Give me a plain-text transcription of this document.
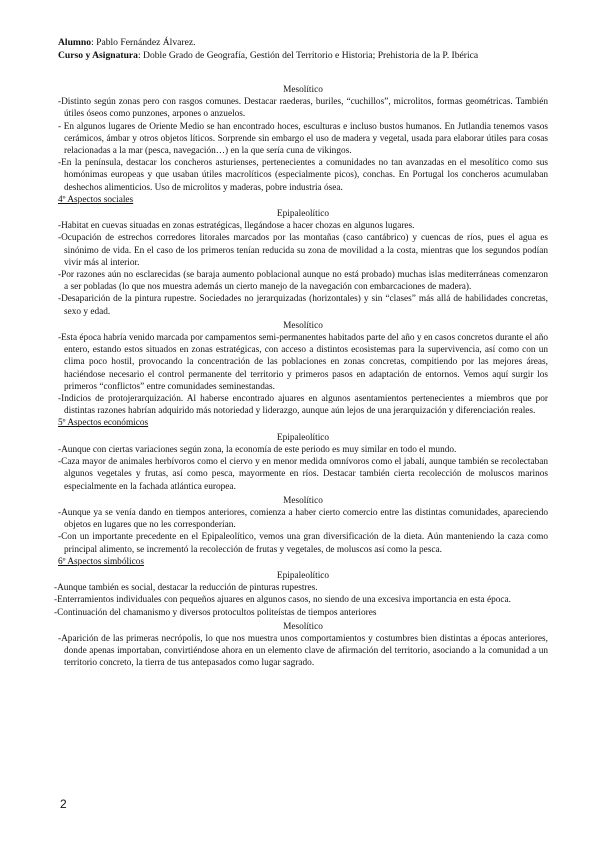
Alumno: Pablo Fernández Álvarez.
Curso y Asignatura: Doble Grado de Geografía, Gestión del Territorio e Historia; Prehistoria de la P. Ibérica
Mesolítico
-Distinto según zonas pero con rasgos comunes. Destacar raederas, buriles, “cuchillos”, microlitos, formas geométricas. También útiles óseos como punzones, arpones o anzuelos.
- En algunos lugares de Oriente Medio se han encontrado hoces, esculturas e incluso bustos humanos. En Jutlandia tenemos vasos cerámicos, ámbar y otros objetos líticos. Sorprende sin embargo el uso de madera y vegetal, usada para elaborar útiles para cosas relacionadas a la mar (pesca, navegación…) en la que sería cuna de vikingos.
-En la península, destacar los concheros asturienses, pertenecientes a comunidades no tan avanzadas en el mesolítico como sus homónimas europeas y que usaban útiles macrolíticos (especialmente picos), conchas. En Portugal los concheros acumulaban deshechos alimenticios. Uso de microlitos y maderas, pobre industria ósea.
4º Aspectos sociales
Epipaleolítico
-Habitat en cuevas situadas en zonas estratégicas, llegándose a hacer chozas en algunos lugares.
-Ocupación de estrechos corredores litorales marcados por las montañas (caso cantábrico) y cuencas de ríos, pues el agua es sinónimo de vida. En el caso de los primeros tenían reducida su zona de movilidad a la costa, mientras que los segundos podían vivir más al interior.
-Por razones aún no esclarecidas (se baraja aumento poblacional aunque no está probado) muchas islas mediterráneas comenzaron a ser pobladas (lo que nos muestra además un cierto manejo de la navegación con embarcaciones de madera).
-Desaparición de la pintura rupestre. Sociedades no jerarquizadas (horizontales) y sin “clases” más allá de habilidades concretas, sexo y edad.
Mesolítico
-Esta época habría venido marcada por campamentos semi-permanentes habitados parte del año y en casos concretos durante el año entero, estando estos situados en zonas estratégicas, con acceso a distintos ecosistemas para la supervivencia, así como con un clima poco hostil, provocando la concentración de las poblaciones en zonas concretas, compitiendo por las mejores áreas, haciéndose necesario el control permanente del territorio y primeros pasos en adaptación de entornos. Vemos aquí surgir los primeros “conflictos” entre comunidades seminestandas.
-Indicios de protojerarquización. Al haberse encontrado ajuares en algunos asentamientos pertenecientes a miembros que por distintas razones habrían adquirido más notoriedad y liderazgo, aunque aún lejos de una jerarquización y diferenciación reales.
5º Aspectos económicos
Epipaleolítico
-Aunque con ciertas variaciones según zona, la economía de este periodo es muy similar en todo el mundo.
-Caza mayor de animales herbívoros como el ciervo y en menor medida omnívoros como el jabalí, aunque también se recolectaban algunos vegetales y frutas, así como pesca, mayormente en ríos. Destacar también cierta recolección de moluscos marinos especialmente en la fachada atlántica europea.
Mesolítico
-Aunque ya se venía dando en tiempos anteriores, comienza a haber cierto comercio entre las distintas comunidades, apareciendo objetos en lugares que no les corresponderían.
-Con un importante precedente en el Epipaleolítico, vemos una gran diversificación de la dieta. Aún manteniendo la caza como principal alimento, se incrementó la recolección de frutas y vegetales, de moluscos así como la pesca.
6º Aspectos simbólicos
Epipaleolítico
-Aunque también es social, destacar la reducción de pinturas rupestres.
-Enterramientos individuales con pequeños ajuares en algunos casos, no siendo de una excesiva importancia en esta época.
-Continuación del chamanismo y diversos protocultos politeístas de tiempos anteriores
Mesolítico
-Aparición de las primeras necrópolis, lo que nos muestra unos comportamientos y costumbres bien distintas a épocas anteriores, donde apenas importaban, convirtiéndose ahora en un elemento clave de afirmación del territorio, asociando a la comunidad a un territorio concreto, la tierra de tus antepasados como lugar sagrado.
2
